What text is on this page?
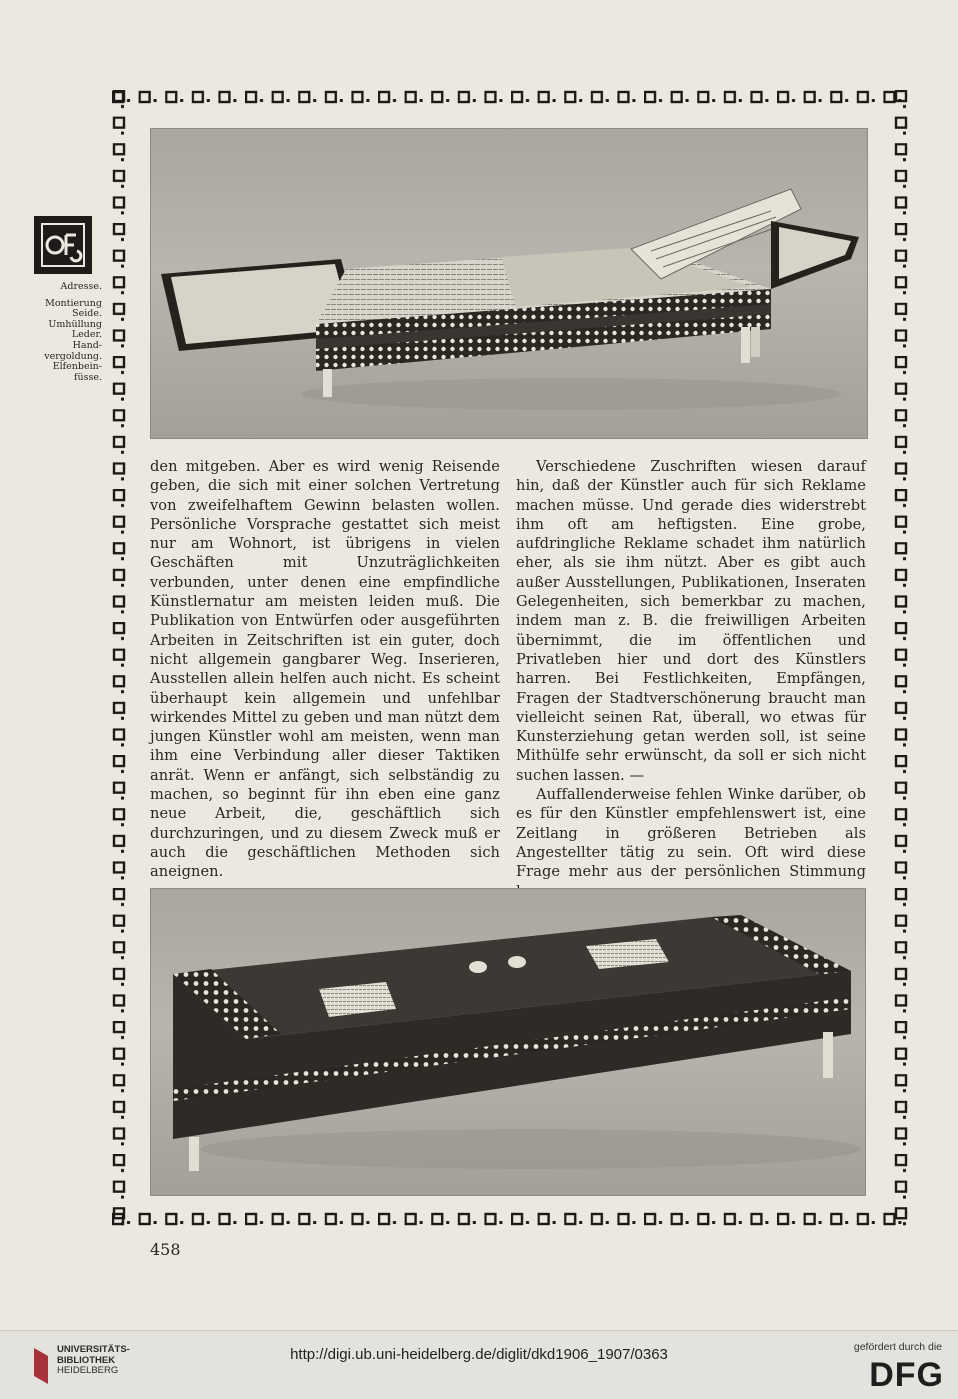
Adresse.
Montierung
Seide.
Umhüllung
Leder.
Hand-
vergoldung.
Elfenbein-
füsse.

den mitgeben. Aber es wird wenig Reisende geben, die sich mit einer solchen Vertretung von zweifelhaftem Gewinn belasten wollen. Persönliche Vorsprache gestattet sich meist nur am Wohnort, ist übrigens in vielen Geschäften mit Unzuträglichkeiten verbunden, unter denen eine empfindliche Künstlernatur am meisten leiden muß. Die Publikation von Entwürfen oder ausgeführten Arbeiten in Zeitschriften ist ein guter, doch nicht allgemein gangbarer Weg. Inserieren, Ausstellen allein helfen auch nicht. Es scheint überhaupt kein allgemein und unfehlbar wirkendes Mittel zu geben und man nützt dem jungen Künstler wohl am meisten, wenn man ihm eine Verbindung aller dieser Taktiken anrät. Wenn er anfängt, sich selbständig zu machen, so beginnt für ihn eben eine ganz neue Arbeit, die, geschäftlich sich durchzuringen, und zu diesem Zweck muß er auch die geschäftlichen Methoden sich aneignen.

Verschiedene Zuschriften wiesen darauf hin, daß der Künstler auch für sich Reklame machen müsse. Und gerade dies widerstrebt ihm oft am heftigsten. Eine grobe, aufdringliche Reklame schadet ihm natürlich eher, als sie ihm nützt. Aber es gibt auch außer Ausstellungen, Publikationen, Inseraten Gelegenheiten, sich bemerkbar zu machen, indem man z. B. die freiwilligen Arbeiten übernimmt, die im öffentlichen und Privatleben hier und dort des Künstlers harren. Bei Festlichkeiten, Empfängen, Fragen der Stadtverschönerung braucht man vielleicht seinen Rat, überall, wo etwas für Kunsterziehung getan werden soll, ist seine Mithülfe sehr erwünscht, da soll er sich nicht suchen lassen. —

Auffallenderweise fehlen Winke darüber, ob es für den Künstler empfehlenswert ist, eine Zeitlang in größeren Betrieben als Angestellter tätig zu sein. Oft wird diese Frage mehr aus der persönlichen Stimmung

458
UNIVERSITÄTS-
BIBLIOTHEK
HEIDELBERG
http://digi.ub.uni-heidelberg.de/diglit/dkd1906_1907/0363	gefördert durch die
DFG
